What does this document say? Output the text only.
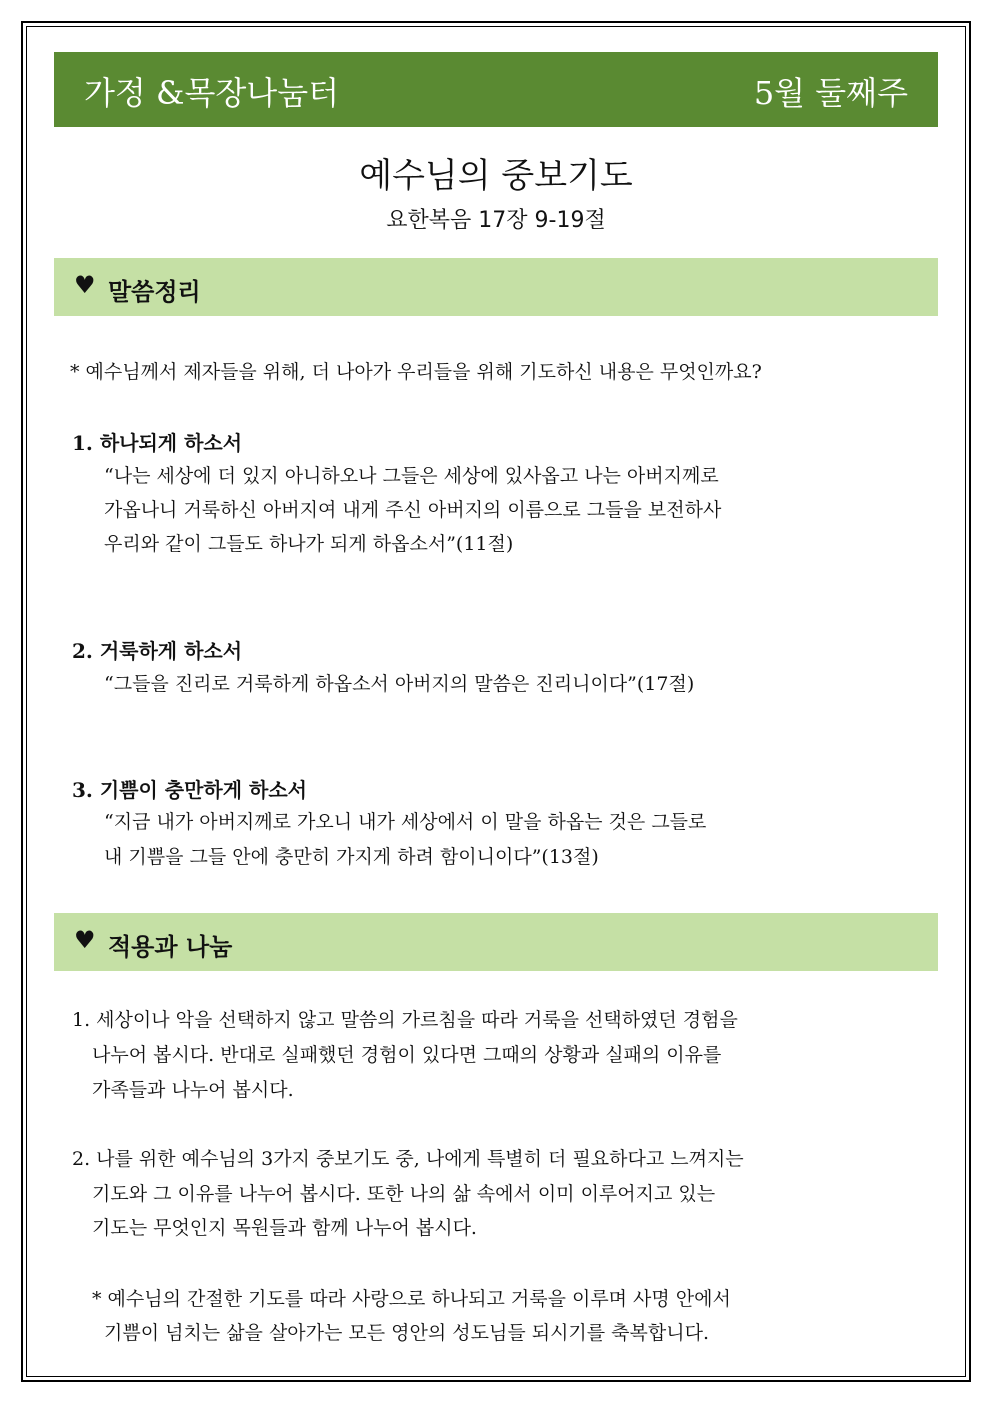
가정 &목장나눔터	5월 둘째주
예수님의 중보기도
요한복음 17장 9-19절
♥ 말씀정리
* 예수님께서 제자들을 위해, 더 나아가 우리들을 위해 기도하신 내용은 무엇인까요?
1. 하나되게 하소서
“나는 세상에 더 있지 아니하오나 그들은 세상에 있사옵고 나는 아버지께로
가옵나니 거룩하신 아버지여 내게 주신 아버지의 이름으로 그들을 보전하사
우리와 같이 그들도 하나가 되게 하옵소서”(11절)
2. 거룩하게 하소서
“그들을 진리로 거룩하게 하옵소서 아버지의 말씀은 진리니이다”(17절)
3. 기쁨이 충만하게 하소서
“지금 내가 아버지께로 가오니 내가 세상에서 이 말을 하옵는 것은 그들로
내 기쁨을 그들 안에 충만히 가지게 하려 함이니이다”(13절)
♥ 적용과 나눔
1. 세상이나 악을 선택하지 않고 말씀의 가르침을 따라 거룩을 선택하였던 경험을
나누어 봅시다. 반대로 실패했던 경험이 있다면 그때의 상황과 실패의 이유를
가족들과 나누어 봅시다.
2. 나를 위한 예수님의 3가지 중보기도 중, 나에게 특별히 더 필요하다고 느껴지는
기도와 그 이유를 나누어 봅시다. 또한 나의 삶 속에서 이미 이루어지고 있는
기도는 무엇인지 목원들과 함께 나누어 봅시다.
* 예수님의 간절한 기도를 따라 사랑으로 하나되고 거룩을 이루며 사명 안에서
기쁨이 넘치는 삶을 살아가는 모든 영안의 성도님들 되시기를 축복합니다.
